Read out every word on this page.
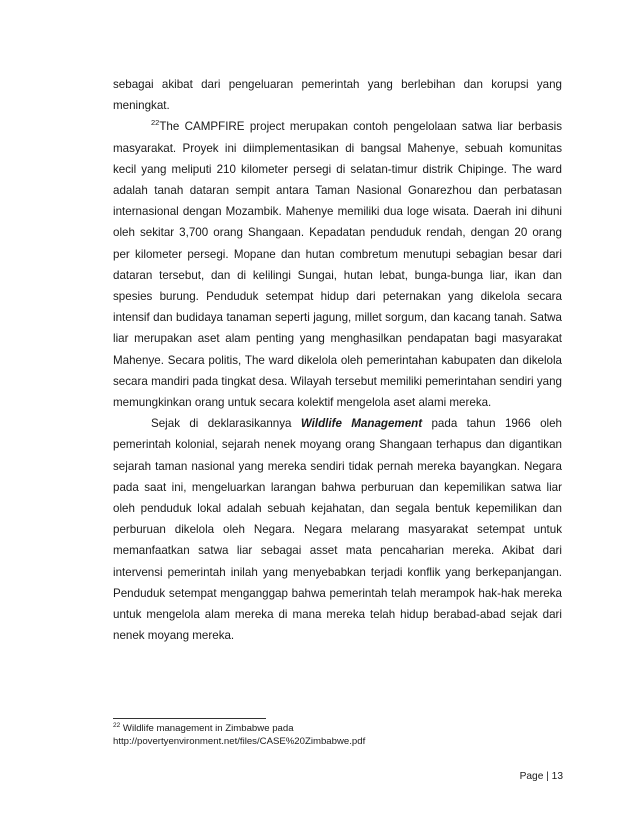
sebagai akibat dari pengeluaran pemerintah yang berlebihan dan korupsi yang meningkat.

$^{22}$The CAMPFIRE project merupakan contoh pengelolaan satwa liar berbasis masyarakat. Proyek ini diimplementasikan di bangsal Mahenye, sebuah komunitas kecil yang meliputi 210 kilometer persegi di selatan-timur distrik Chipinge. The ward adalah tanah dataran sempit antara Taman Nasional Gonarezhou dan perbatasan internasional dengan Mozambik. Mahenye memiliki dua loge wisata. Daerah ini dihuni oleh sekitar 3,700 orang Shangaan. Kepadatan penduduk rendah, dengan 20 orang per kilometer persegi. Mopane dan hutan combretum menutupi sebagian besar dari dataran tersebut, dan di kelilingi Sungai, hutan lebat, bunga-bunga liar, ikan dan spesies burung. Penduduk setempat hidup dari peternakan yang dikelola secara intensif dan budidaya tanaman seperti jagung, millet sorgum, dan kacang tanah. Satwa liar merupakan aset alam penting yang menghasilkan pendapatan bagi masyarakat Mahenye. Secara politis, The ward dikelola oleh pemerintahan kabupaten dan dikelola secara mandiri pada tingkat desa. Wilayah tersebut memiliki pemerintahan sendiri yang memungkinkan orang untuk secara kolektif mengelola aset alami mereka.

Sejak di deklarasikannya Wildlife Management pada tahun 1966 oleh pemerintah kolonial, sejarah nenek moyang orang Shangaan terhapus dan digantikan sejarah taman nasional yang mereka sendiri tidak pernah mereka bayangkan. Negara pada saat ini, mengeluarkan larangan bahwa perburuan dan kepemilikan satwa liar oleh penduduk lokal adalah sebuah kejahatan, dan segala bentuk kepemilikan dan perburuan dikelola oleh Negara. Negara melarang masyarakat setempat untuk memanfaatkan satwa liar sebagai asset mata pencaharian mereka. Akibat dari intervensi pemerintah inilah yang menyebabkan terjadi konflik yang berkepanjangan. Penduduk setempat menganggap bahwa pemerintah telah merampok hak-hak mereka untuk mengelola alam mereka di mana mereka telah hidup berabad-abad sejak dari nenek moyang mereka.

$^{22}$ Wildlife management in Zimbabwe pada
http://povertyenvironment.net/files/CASE%20Zimbabwe.pdf
Page | 13
